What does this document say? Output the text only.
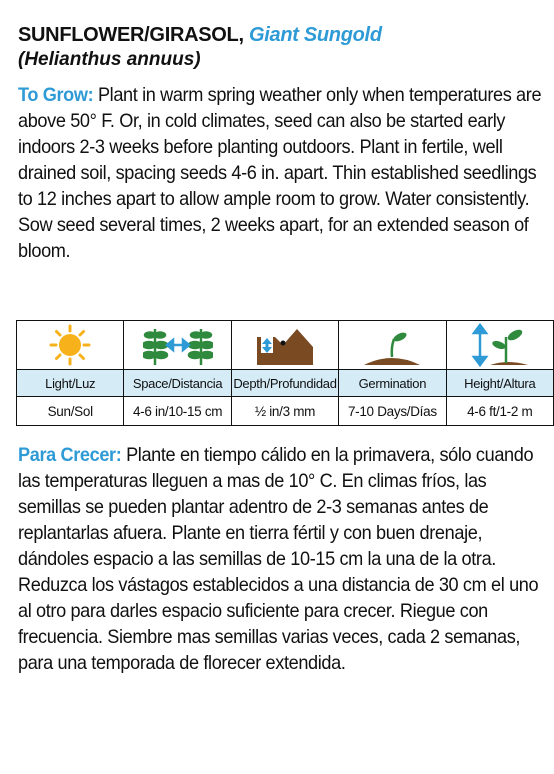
SUNFLOWER/GIRASOL, Giant Sungold
(Helianthus annuus)

To Grow: Plant in warm spring weather only when temperatures are above 50° F. Or, in cold climates, seed can also be started early indoors 2-3 weeks before planting outdoors. Plant in fertile, well drained soil, spacing seeds 4-6 in. apart. Thin established seedlings to 12 inches apart to allow ample room to grow. Water consistently. Sow seed several times, 2 weeks apart, for an extended season of bloom.

Light/Luz	Space/Distancia	Depth/Profundidad	Germination	Height/Altura
Sun/Sol	4-6 in/10-15 cm	½ in/3 mm	7-10 Days/Días	4-6 ft/1-2 m

Para Crecer: Plante en tiempo cálido en la primavera, sólo cuando las temperaturas lleguen a mas de 10° C. En climas fríos, las semillas se pueden plantar adentro de 2-3 semanas antes de replantarlas afuera. Plante en tierra fértil y con buen drenaje, dándoles espacio a las semillas de 10-15 cm la una de la otra. Reduzca los vástagos establecidos a una distancia de 30 cm el uno al otro para darles espacio suficiente para crecer. Riegue con frecuencia. Siembre mas semillas varias veces, cada 2 semanas, para una temporada de florecer extendida.
